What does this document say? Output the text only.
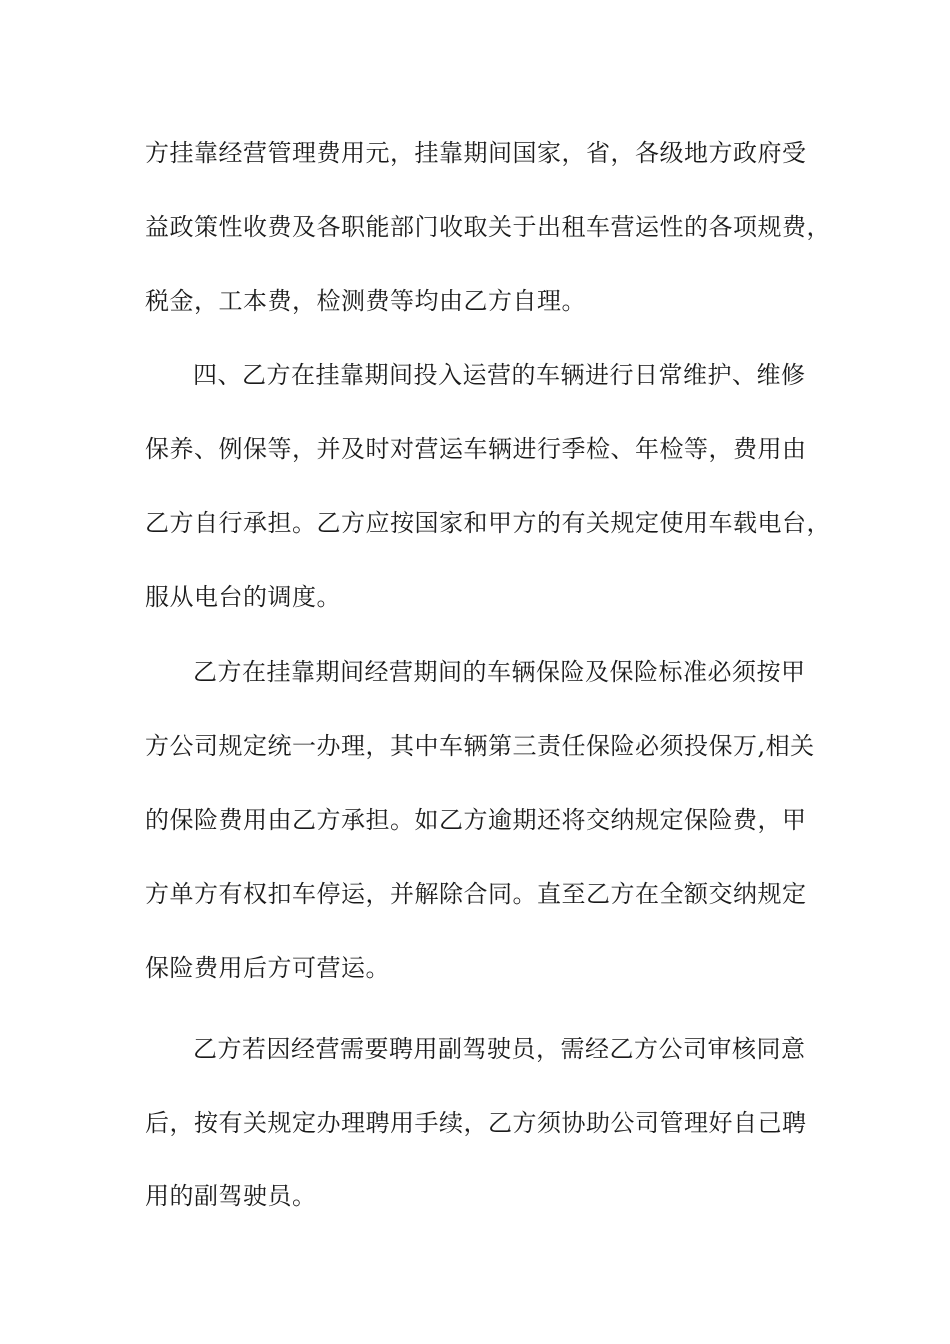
方挂靠经营管理费用元，挂靠期间国家，省，各级地方政府受
益政策性收费及各职能部门收取关于出租车营运性的各项规费，
税金，工本费，检测费等均由乙方自理。
四、乙方在挂靠期间投入运营的车辆进行日常维护、维修
保养、例保等，并及时对营运车辆进行季检、年检等，费用由
乙方自行承担。乙方应按国家和甲方的有关规定使用车载电台，
服从电台的调度。
乙方在挂靠期间经营期间的车辆保险及保险标准必须按甲
方公司规定统一办理，其中车辆第三责任保险必须投保万,相关
的保险费用由乙方承担。如乙方逾期还将交纳规定保险费，甲
方单方有权扣车停运，并解除合同。直至乙方在全额交纳规定
保险费用后方可营运。
乙方若因经营需要聘用副驾驶员，需经乙方公司审核同意
后，按有关规定办理聘用手续，乙方须协助公司管理好自己聘
用的副驾驶员。
